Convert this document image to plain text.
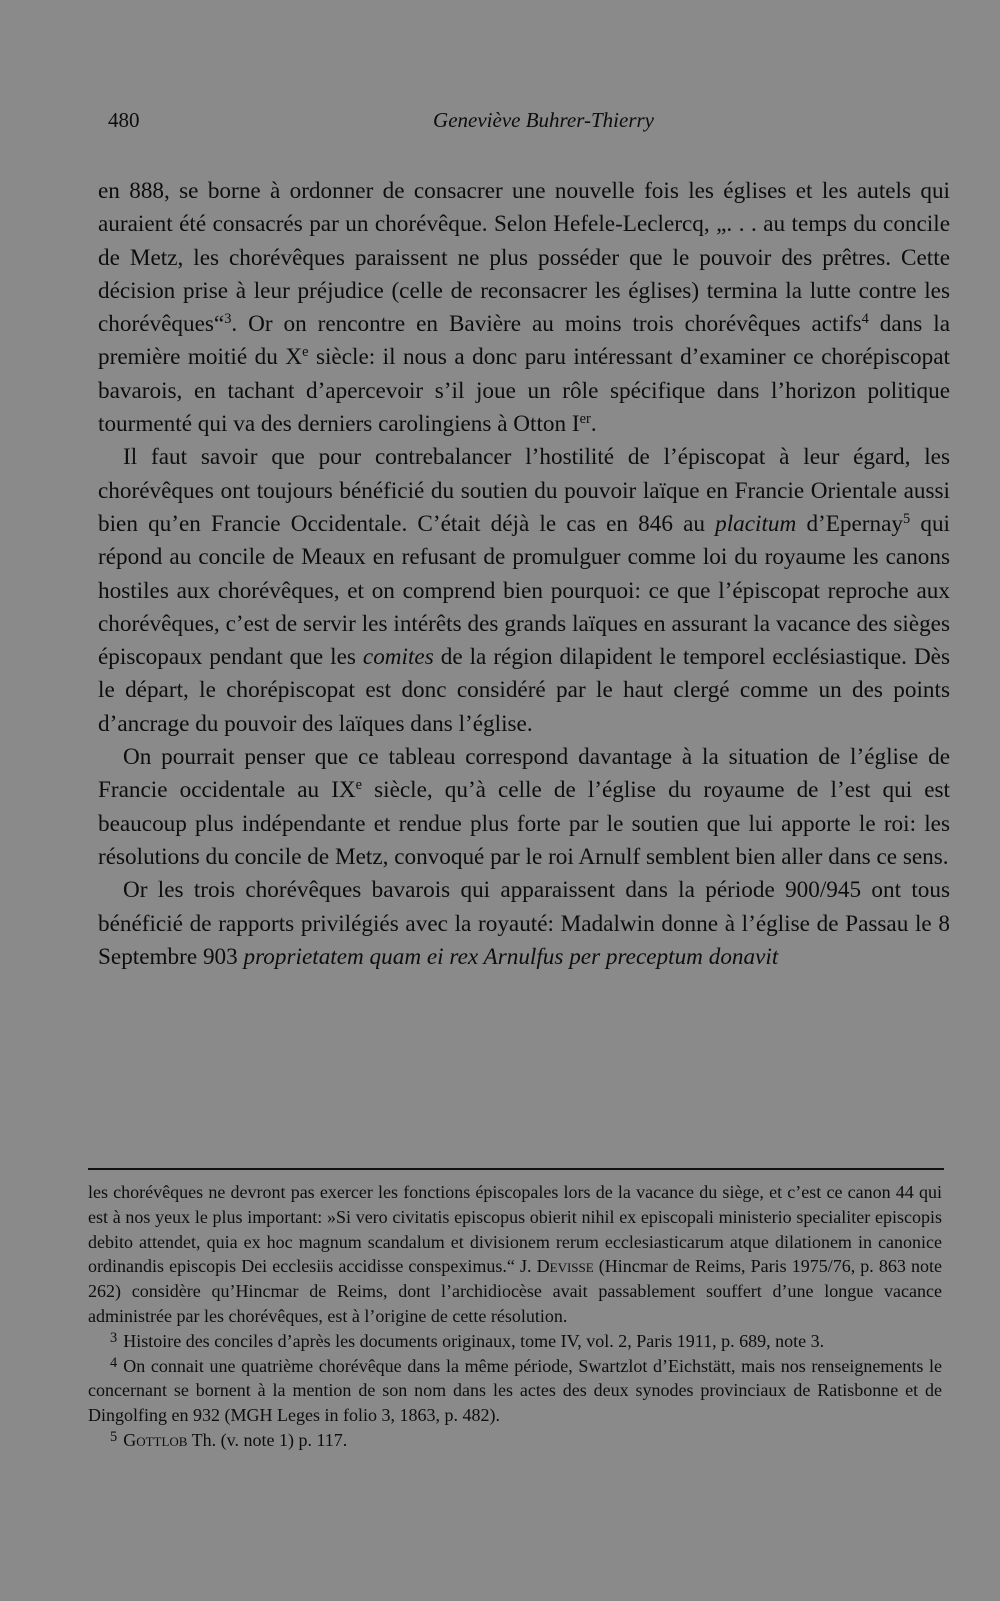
480	Geneviève Buhrer-Thierry

en 888, se borne à ordonner de consacrer une nouvelle fois les églises et les autels qui auraient été consacrés par un chorévêque. Selon Hefele-Leclercq, „. . . au temps du concile de Metz, les chorévêques paraissent ne plus posséder que le pouvoir des prêtres. Cette décision prise à leur préjudice (celle de reconsacrer les églises) termina la lutte contre les chorévêques“$^3$. Or on rencontre en Bavière au moins trois chorévêques actifs$^4$ dans la première moitié du Xe siècle: il nous a donc paru intéressant d’examiner ce chorépiscopat bavarois, en tachant d’apercevoir s’il joue un rôle spécifique dans l’horizon politique tourmenté qui va des derniers carolingiens à Otton Ier.

Il faut savoir que pour contrebalancer l’hostilité de l’épiscopat à leur égard, les chorévêques ont toujours bénéficié du soutien du pouvoir laïque en Francie Orientale aussi bien qu’en Francie Occidentale. C’était déjà le cas en 846 au placitum d’Epernay$^5$ qui répond au concile de Meaux en refusant de promulguer comme loi du royaume les canons hostiles aux chorévêques, et on comprend bien pourquoi: ce que l’épiscopat reproche aux chorévêques, c’est de servir les intérêts des grands laïques en assurant la vacance des sièges épiscopaux pendant que les comites de la région dilapident le temporel ecclésiastique. Dès le départ, le chorépiscopat est donc considéré par le haut clergé comme un des points d’ancrage du pouvoir des laïques dans l’église.

On pourrait penser que ce tableau correspond davantage à la situation de l’église de Francie occidentale au IXe siècle, qu’à celle de l’église du royaume de l’est qui est beaucoup plus indépendante et rendue plus forte par le soutien que lui apporte le roi: les résolutions du concile de Metz, convoqué par le roi Arnulf semblent bien aller dans ce sens.

Or les trois chorévêques bavarois qui apparaissent dans la période 900/945 ont tous bénéficié de rapports privilégiés avec la royauté: Madalwin donne à l’église de Passau le 8 Septembre 903 proprietatem quam ei rex Arnulfus per preceptum donavit

les chorévêques ne devront pas exercer les fonctions épiscopales lors de la vacance du siège, et c’est ce canon 44 qui est à nos yeux le plus important: »Si vero civitatis episcopus obierit nihil ex episcopali ministerio specialiter episcopis debito attendet, quia ex hoc magnum scandalum et divisionem rerum ecclesiasticarum atque dilationem in canonice ordinandis episcopis Dei ecclesiis accidisse conspeximus.“ J. Devisse (Hincmar de Reims, Paris 1975/76, p. 863 note 262) considère qu’Hincmar de Reims, dont l’archidiocèse avait passablement souffert d’une longue vacance administrée par les chorévêques, est à l’origine de cette résolution.

$^3$ Histoire des conciles d’après les documents originaux, tome IV, vol. 2, Paris 1911, p. 689, note 3.

$^4$ On connait une quatrième chorévêque dans la même période, Swartzlot d’Eichstätt, mais nos renseignements le concernant se bornent à la mention de son nom dans les actes des deux synodes provinciaux de Ratisbonne et de Dingolfing en 932 (MGH Leges in folio 3, 1863, p. 482).

$^5$ Gottlob Th. (v. note 1) p. 117.
